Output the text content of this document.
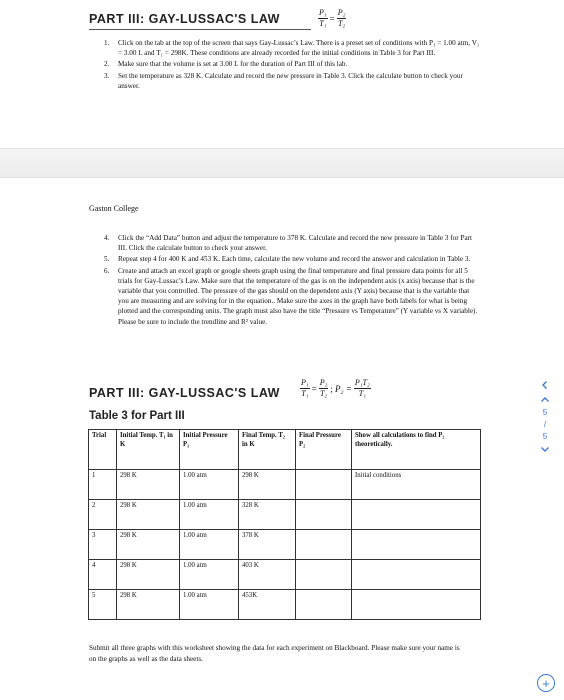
PART III: GAY-LUSSAC'S LAW	$\frac{\text{P₁}}{\text{T₁}} = \frac{\text{P₂}}{\text{T₂}}$
1. Click on the tab at the top of the screen that says Gay-Lussac’s Law. There is a preset set of conditions with P₁ = 1.00 atm, V₁ = 3.00 L and T₁ = 298K. These conditions are already recorded for the initial conditions in Table 3 for Part III.
2. Make sure that the volume is set at 3.00 L for the duration of Part III of this lab.
3. Set the temperature as 328 K. Calculate and record the new pressure in Table 3. Click the calculate button to check your answer.
Gaston College
4. Click the “Add Data” button and adjust the temperature to 378 K. Calculate and record the new pressure in Table 3 for Part III. Click the calculate button to check your answer.
5. Repeat step 4 for 400 K and 453 K. Each time, calculate the new volume and record the answer and calculation in Table 3.
6. Create and attach an excel graph or google sheets graph using the final temperature and final pressure data points for all 5 trials for Gay-Lussac’s Law. Make sure that the temperature of the gas is on the independent axis (x axis) because that is the variable that you controlled. The pressure of the gas should on the dependent axis (Y axis) because that is the variable that you are measuring and are solving for in the equation.. Make sure the axes in the graph have both labels for what is being plotted and the corresponding units. The graph must also have the title “Pressure vs Temperature” (Y variable vs X variable). Please be sure to include the trendline and R² value.
PART III: GAY-LUSSAC'S LAW	$\frac{\text{P₁}}{\text{T₁}} = \frac{\text{P₂}}{\text{T₂}}$ ; $P_2 = \frac{\text{P₁T₂}}{\text{T₁}}$
Table 3 for Part III
Trial	Initial Temp. T₁ in K	Initial Pressure P₁	Final Temp. T₂ in K	Final Pressure P₂	Show all calculations to find P₂ theoretically.
1	298 K	1.00 atm	298 K		Initial conditions
2	298 K	1.00 atm	328 K		
3	298 K	1.00 atm	378 K		
4	298 K	1.00 atm	403 K		
5	298 K	1.00 atm	453K		
Submit all three graphs with this worksheet showing the data for each experiment on Blackboard. Please make sure your name is on the graphs as well as the data sheets.
5
/
5
+
